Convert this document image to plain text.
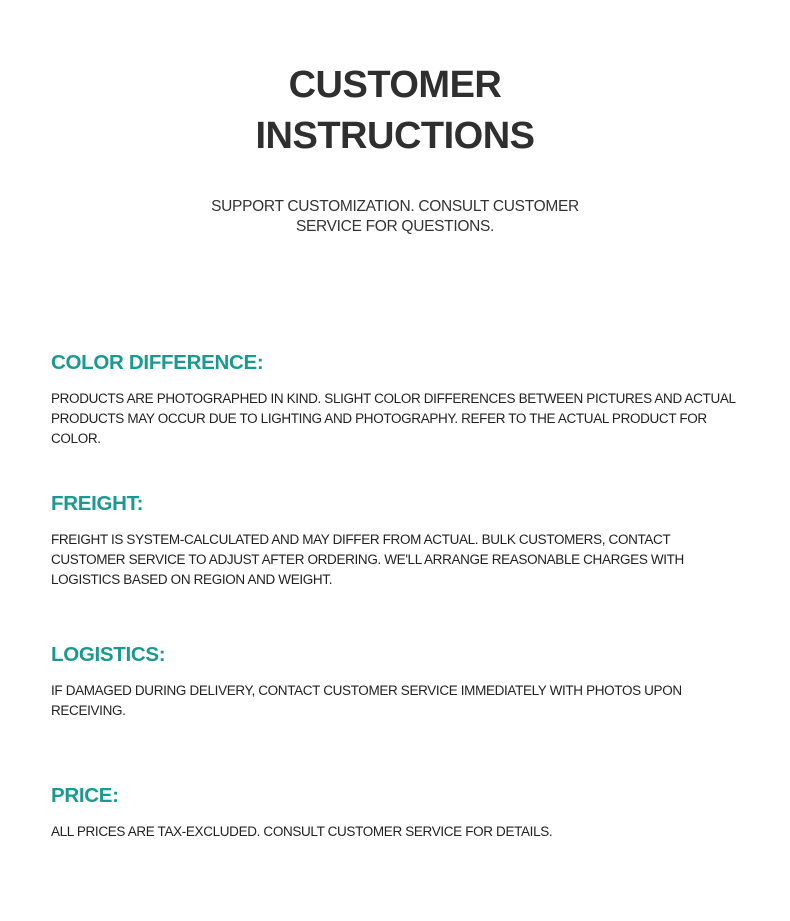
CUSTOMER
INSTRUCTIONS

SUPPORT CUSTOMIZATION. CONSULT CUSTOMER
SERVICE FOR QUESTIONS.

COLOR DIFFERENCE:

PRODUCTS ARE PHOTOGRAPHED IN KIND. SLIGHT COLOR DIFFERENCES BETWEEN PICTURES AND ACTUAL
PRODUCTS MAY OCCUR DUE TO LIGHTING AND PHOTOGRAPHY. REFER TO THE ACTUAL PRODUCT FOR
COLOR.

FREIGHT:

FREIGHT IS SYSTEM-CALCULATED AND MAY DIFFER FROM ACTUAL. BULK CUSTOMERS, CONTACT
CUSTOMER SERVICE TO ADJUST AFTER ORDERING. WE'LL ARRANGE REASONABLE CHARGES WITH
LOGISTICS BASED ON REGION AND WEIGHT.

LOGISTICS:

IF DAMAGED DURING DELIVERY, CONTACT CUSTOMER SERVICE IMMEDIATELY WITH PHOTOS UPON
RECEIVING.

PRICE:

ALL PRICES ARE TAX-EXCLUDED. CONSULT CUSTOMER SERVICE FOR DETAILS.
